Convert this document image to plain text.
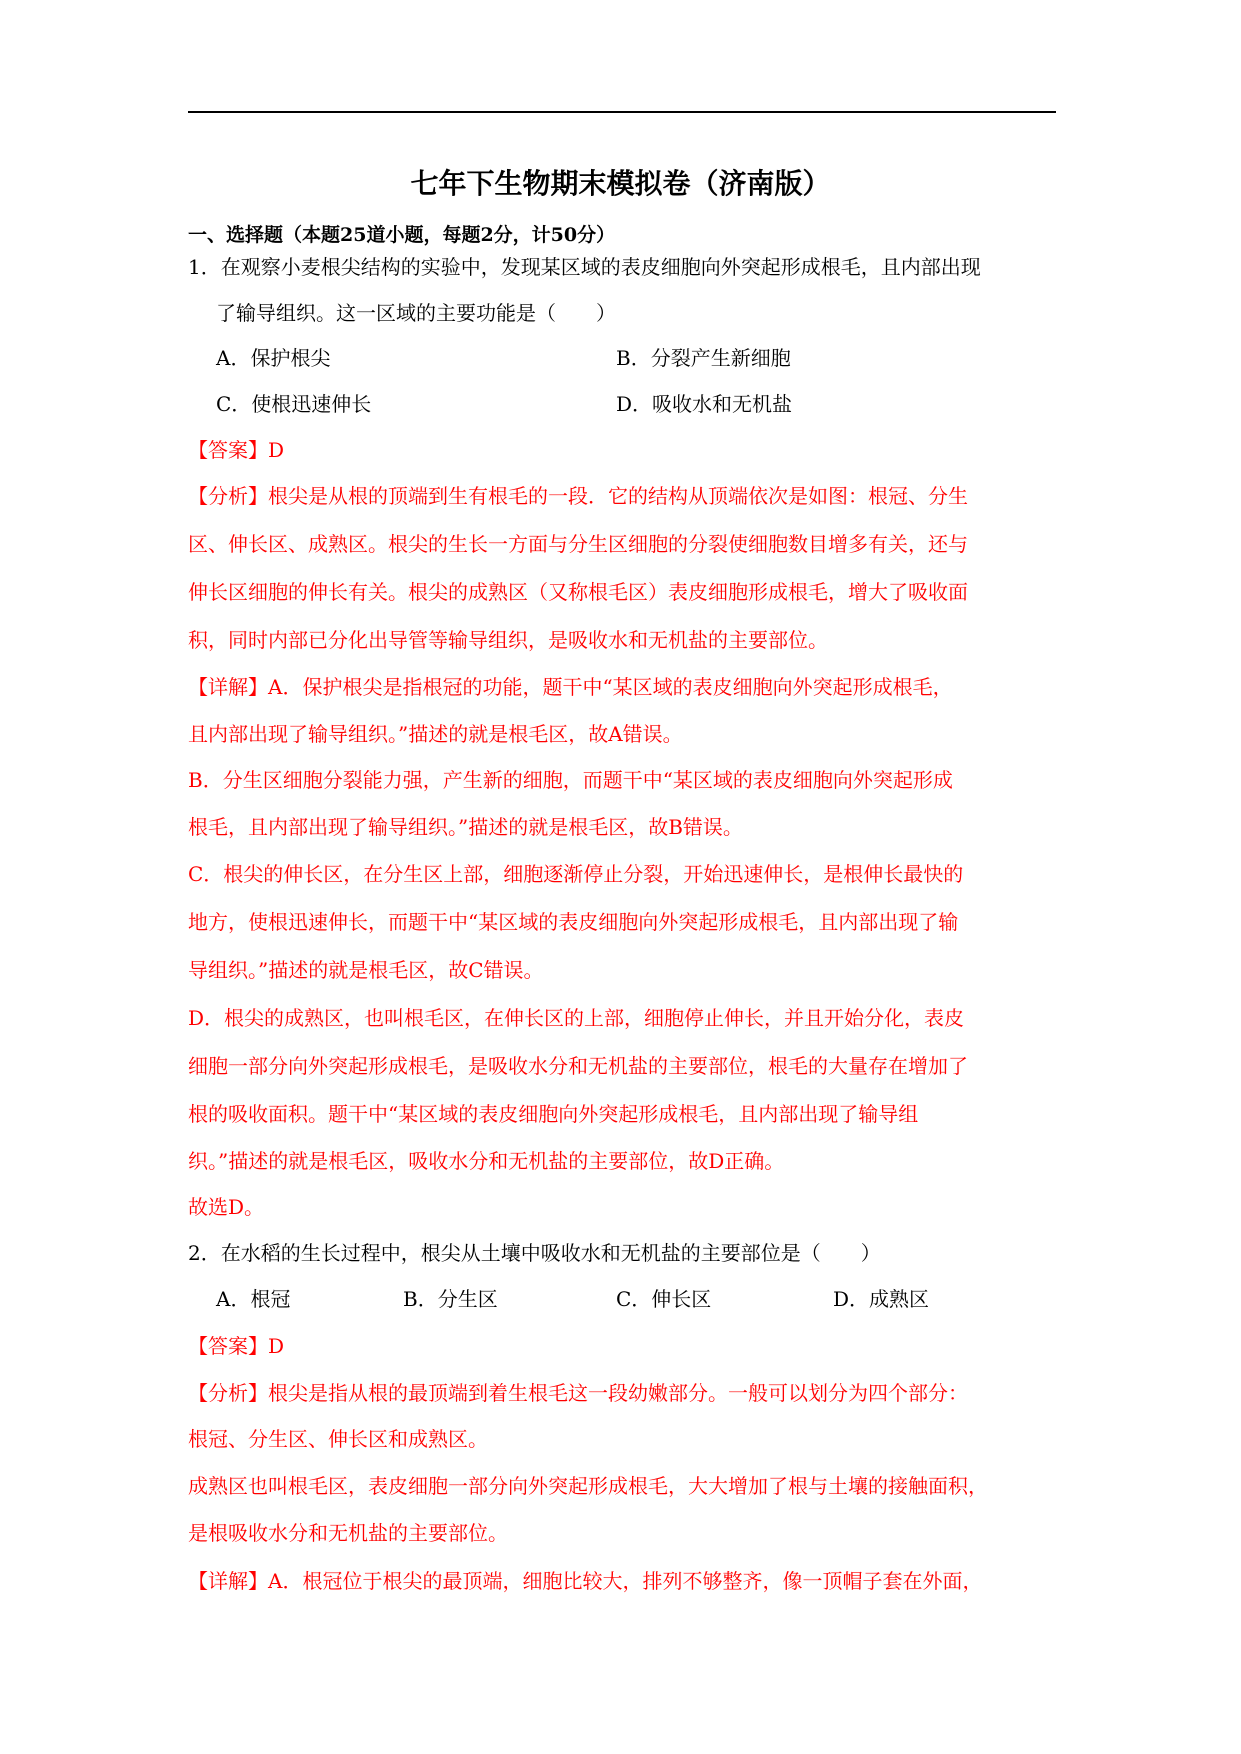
七年下生物期末模拟卷（济南版）
一、选择题（本题25道小题，每题2分，计50分）
1．在观察小麦根尖结构的实验中，发现某区域的表皮细胞向外突起形成根毛，且内部出现
了输导组织。这一区域的主要功能是（　　）
A．保护根尖	B．分裂产生新细胞
C．使根迅速伸长	D．吸收水和无机盐
【答案】D
【分析】根尖是从根的顶端到生有根毛的一段．它的结构从顶端依次是如图：根冠、分生
区、伸长区、成熟区。根尖的生长一方面与分生区细胞的分裂使细胞数目增多有关，还与
伸长区细胞的伸长有关。根尖的成熟区（又称根毛区）表皮细胞形成根毛，增大了吸收面
积，同时内部已分化出导管等输导组织，是吸收水和无机盐的主要部位。
【详解】A．保护根尖是指根冠的功能，题干中“某区域的表皮细胞向外突起形成根毛，
且内部出现了输导组织。”描述的就是根毛区，故A错误。
B．分生区细胞分裂能力强，产生新的细胞，而题干中“某区域的表皮细胞向外突起形成
根毛，且内部出现了输导组织。”描述的就是根毛区，故B错误。
C．根尖的伸长区，在分生区上部，细胞逐渐停止分裂，开始迅速伸长，是根伸长最快的
地方，使根迅速伸长，而题干中“某区域的表皮细胞向外突起形成根毛，且内部出现了输
导组织。”描述的就是根毛区，故C错误。
D．根尖的成熟区，也叫根毛区，在伸长区的上部，细胞停止伸长，并且开始分化，表皮
细胞一部分向外突起形成根毛，是吸收水分和无机盐的主要部位，根毛的大量存在增加了
根的吸收面积。题干中“某区域的表皮细胞向外突起形成根毛，且内部出现了输导组
织。”描述的就是根毛区，吸收水分和无机盐的主要部位，故D正确。
故选D。
2．在水稻的生长过程中，根尖从土壤中吸收水和无机盐的主要部位是（　　）
A．根冠	B．分生区	C．伸长区	D．成熟区
【答案】D
【分析】根尖是指从根的最顶端到着生根毛这一段幼嫩部分。一般可以划分为四个部分：
根冠、分生区、伸长区和成熟区。
成熟区也叫根毛区，表皮细胞一部分向外突起形成根毛，大大增加了根与土壤的接触面积，
是根吸收水分和无机盐的主要部位。
【详解】A．根冠位于根尖的最顶端，细胞比较大，排列不够整齐，像一顶帽子套在外面，
